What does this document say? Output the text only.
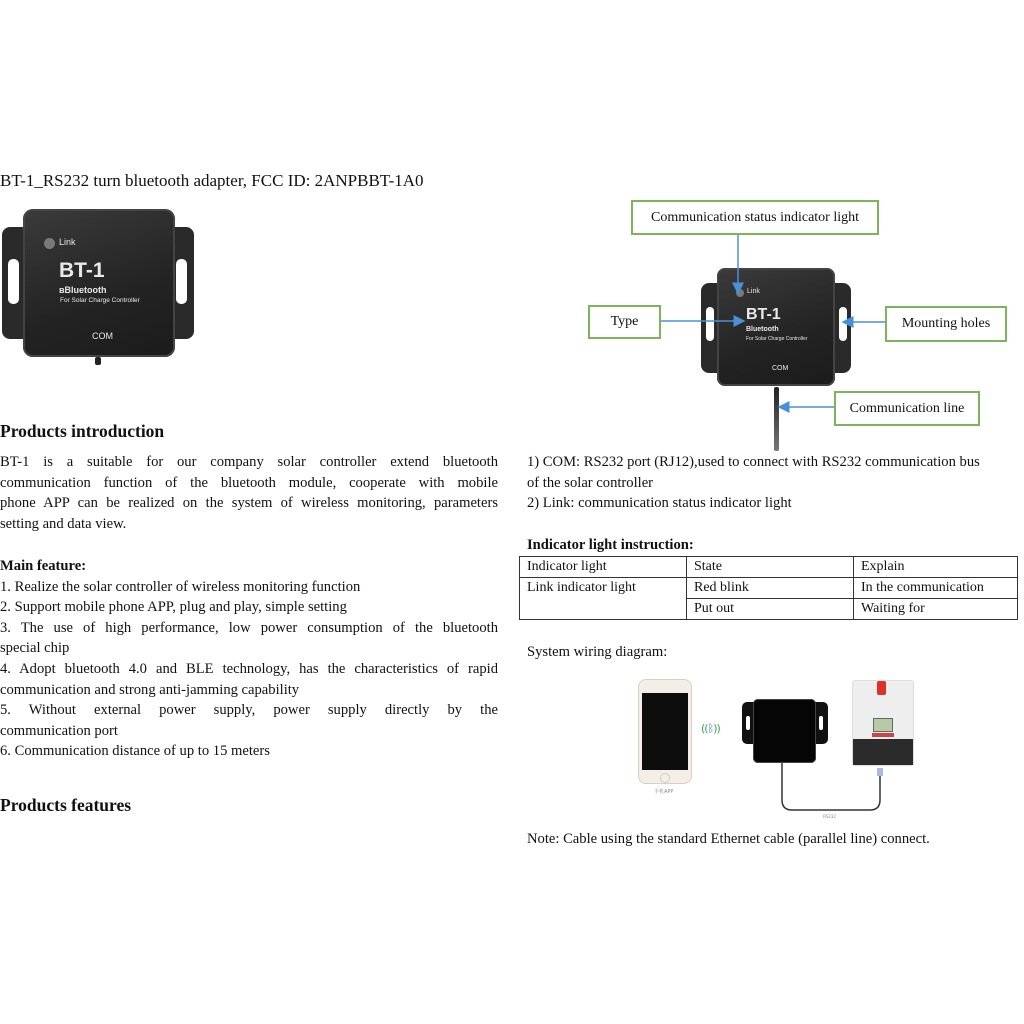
BT-1_RS232 turn bluetooth adapter, FCC ID: 2ANPBBT-1A0
Link
BT-1
ʙBluetooth
For Solar Charge Controller
COM
Link
BT-1
Bluetooth
For Solar Charge Controller
COM
Communication status indicator light
Type	Mounting holes
Communication line
Products introduction
BT-1 is a suitable for our company solar controller extend bluetooth
communication function of the bluetooth module, cooperate with mobile
phone APP can be realized on the system of wireless monitoring, parameters
setting and data view.
Main feature:
1. Realize the solar controller of wireless monitoring function
2. Support mobile phone APP, plug and play, simple setting
3. The use of high performance, low power consumption of the bluetooth
special chip
4. Adopt bluetooth 4.0 and BLE technology, has the characteristics of rapid
communication and strong anti-jamming capability
5. Without external power supply, power supply directly by the
communication port
6. Communication distance of up to 15 meters
Products features
1) COM: RS232 port (RJ12),used to connect with RS232 communication bus
of the solar controller
2) Link: communication status indicator light
Indicator light instruction:
Indicator light	State	Explain
Link indicator light	Red blink	In the communication
	Put out	Waiting for
System wiring diagram:
手机APP
((ᛒ))
RS232
Note: Cable using the standard Ethernet cable (parallel line) connect.
